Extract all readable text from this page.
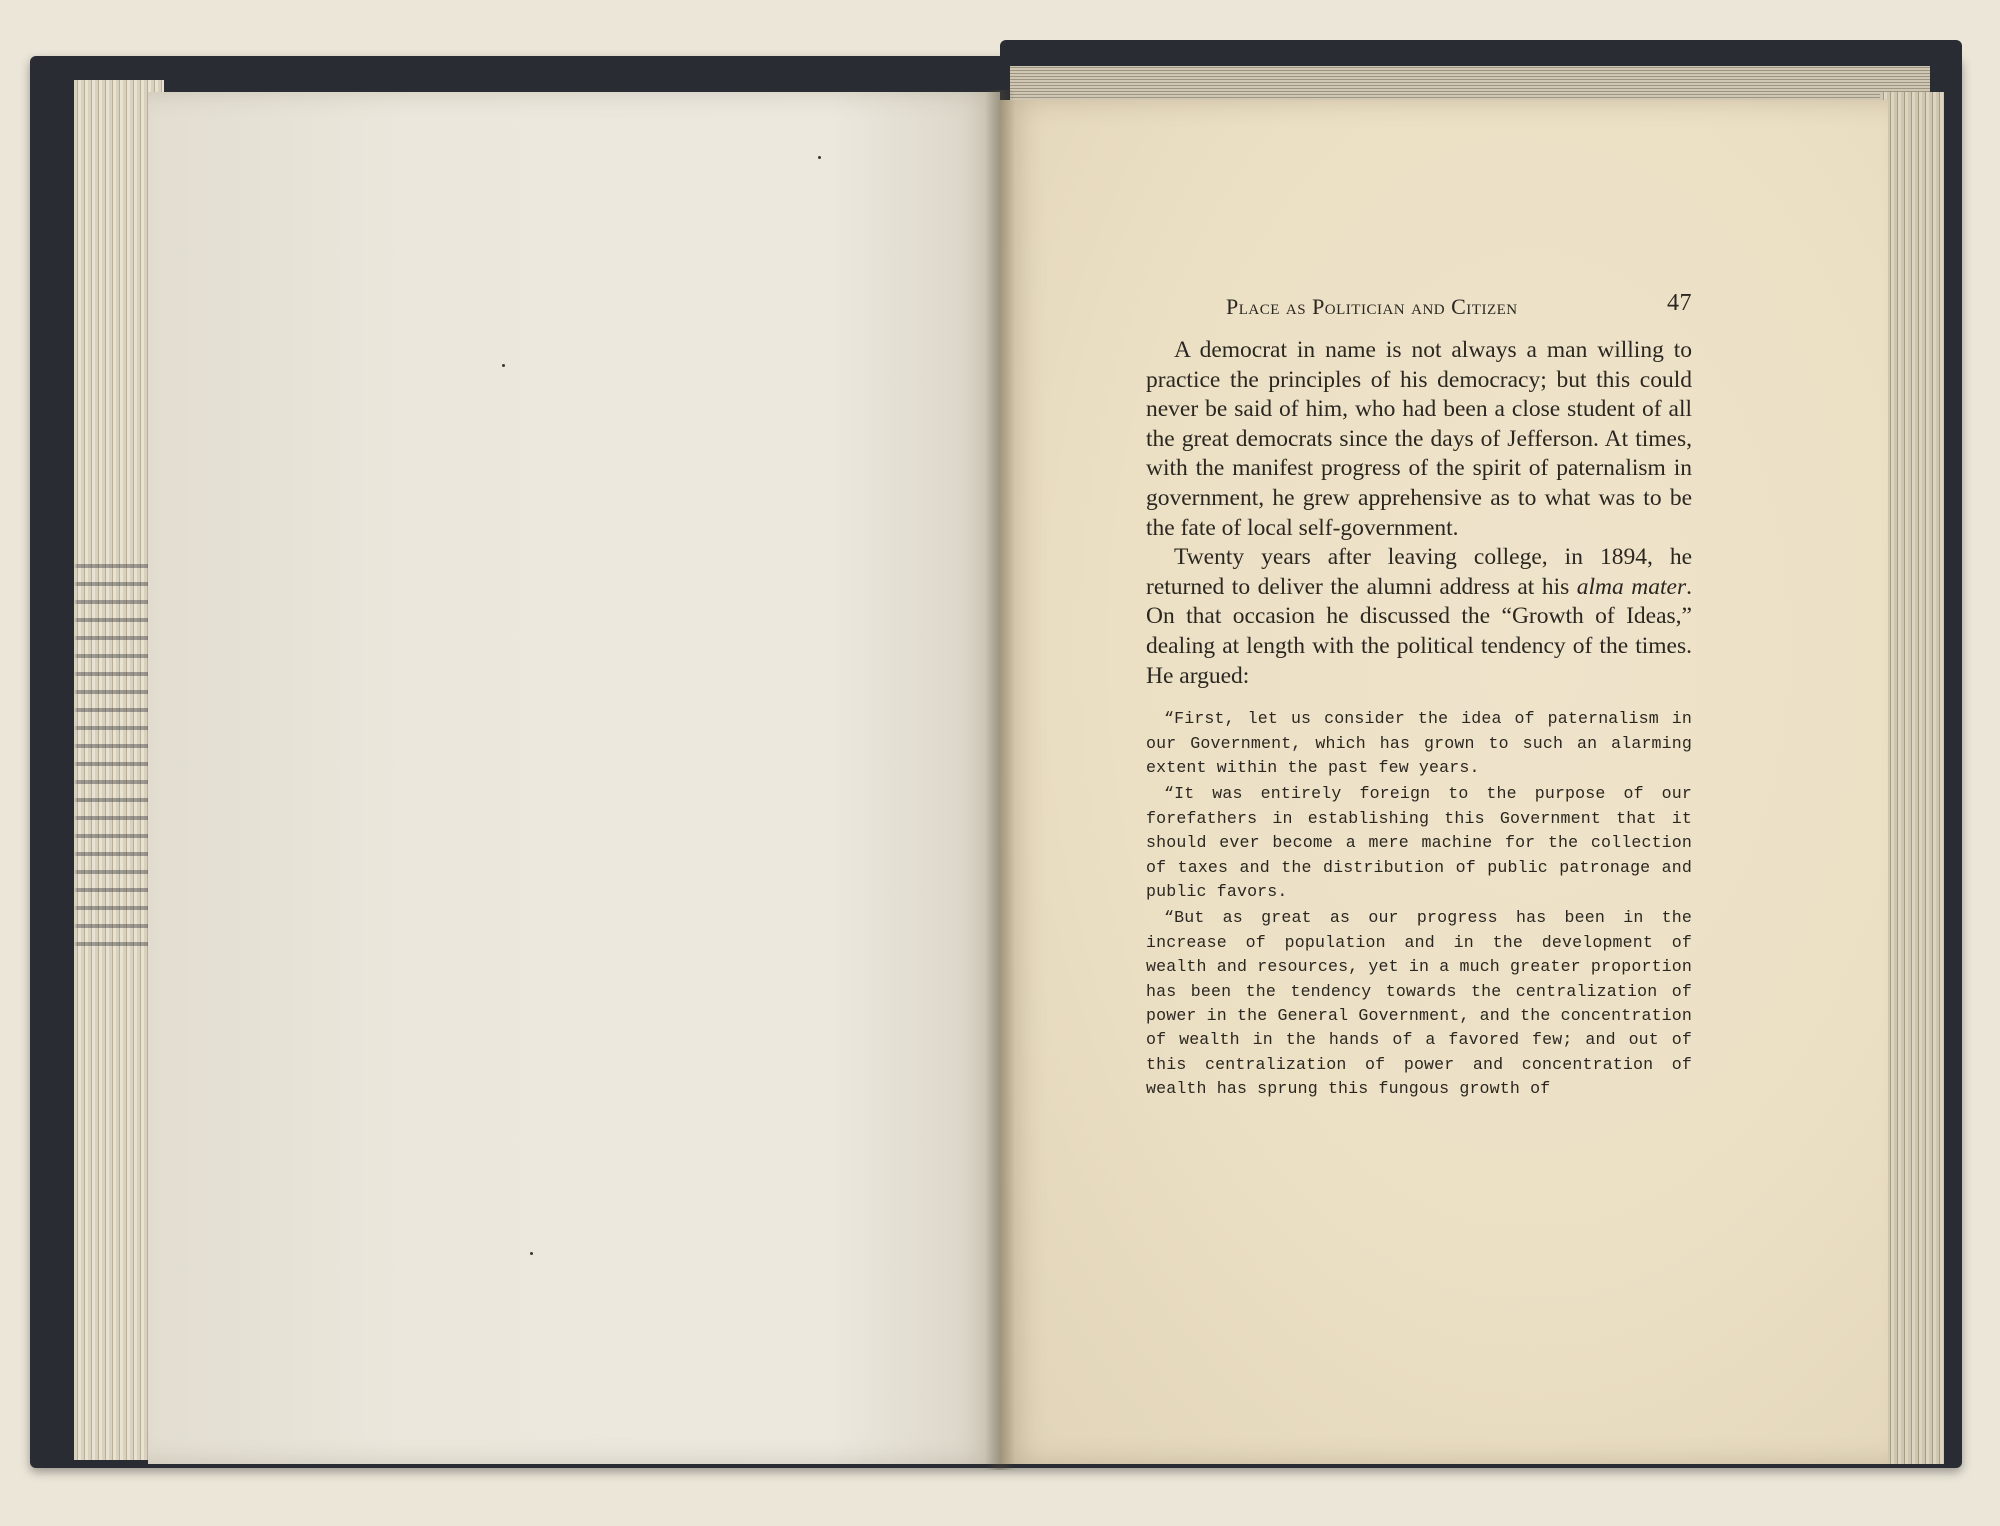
Place as Politician and Citizen	47

A democrat in name is not always a man willing to practice the principles of his democracy; but this could never be said of him, who had been a close student of all the great democrats since the days of Jefferson. At times, with the manifest progress of the spirit of paternalism in government, he grew apprehensive as to what was to be the fate of local self-government.

Twenty years after leaving college, in 1894, he returned to deliver the alumni address at his alma mater. On that occasion he discussed the “Growth of Ideas,” dealing at length with the political tendency of the times. He argued:

“First, let us consider the idea of paternalism in our Government, which has grown to such an alarming extent within the past few years.

“It was entirely foreign to the purpose of our forefathers in establishing this Government that it should ever become a mere machine for the collection of taxes and the distribution of public patronage and public favors.

“But as great as our progress has been in the increase of population and in the development of wealth and resources, yet in a much greater proportion has been the tendency towards the centralization of power in the General Government, and the concentration of wealth in the hands of a favored few; and out of this centralization of power and concentration of wealth has sprung this fungous growth of
